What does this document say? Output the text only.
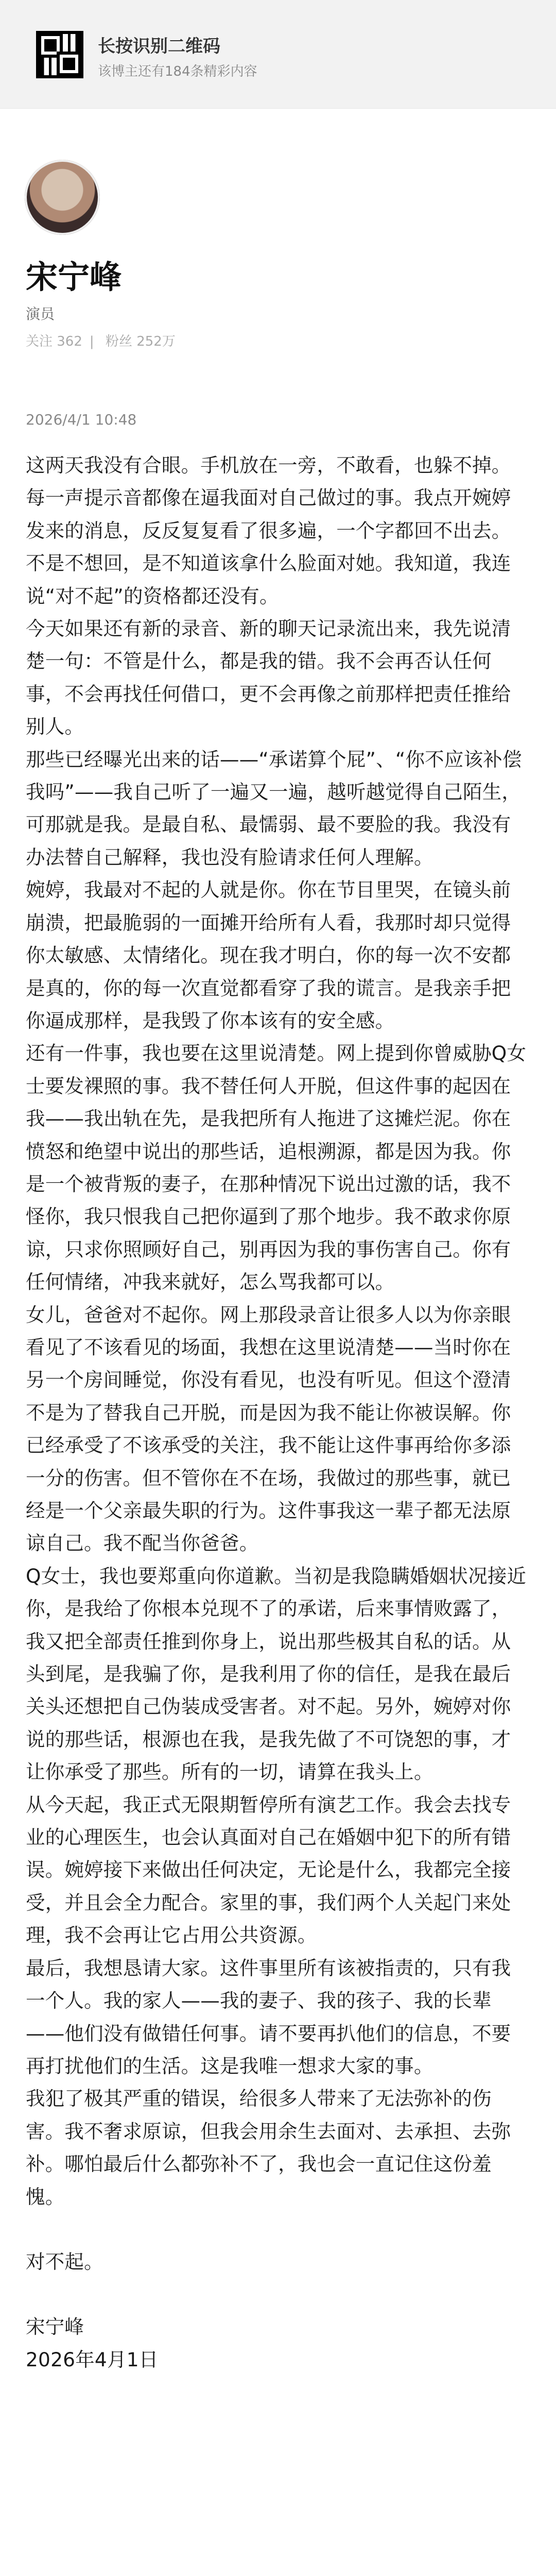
长按识别二维码
该博主还有184条精彩内容
宋宁峰
演员
关注 362 | 粉丝 252万
2026/4/1 10:48

这两天我没有合眼。手机放在一旁，不敢看，也躲不掉。每一声提示音都像在逼我面对自己做过的事。我点开婉婷发来的消息，反反复复看了很多遍，一个字都回不出去。不是不想回，是不知道该拿什么脸面对她。我知道，我连说“对不起”的资格都还没有。

今天如果还有新的录音、新的聊天记录流出来，我先说清楚一句：不管是什么，都是我的错。我不会再否认任何事，不会再找任何借口，更不会再像之前那样把责任推给别人。

那些已经曝光出来的话——“承诺算个屁”、“你不应该补偿我吗”——我自己听了一遍又一遍，越听越觉得自己陌生，可那就是我。是最自私、最懦弱、最不要脸的我。我没有办法替自己解释，我也没有脸请求任何人理解。

婉婷，我最对不起的人就是你。你在节目里哭，在镜头前崩溃，把最脆弱的一面摊开给所有人看，我那时却只觉得你太敏感、太情绪化。现在我才明白，你的每一次不安都是真的，你的每一次直觉都看穿了我的谎言。是我亲手把你逼成那样，是我毁了你本该有的安全感。

还有一件事，我也要在这里说清楚。网上提到你曾威胁Q女士要发裸照的事。我不替任何人开脱，但这件事的起因在我——我出轨在先，是我把所有人拖进了这摊烂泥。你在愤怒和绝望中说出的那些话，追根溯源，都是因为我。你是一个被背叛的妻子，在那种情况下说出过激的话，我不怪你，我只恨我自己把你逼到了那个地步。我不敢求你原谅，只求你照顾好自己，别再因为我的事伤害自己。你有任何情绪，冲我来就好，怎么骂我都可以。

女儿，爸爸对不起你。网上那段录音让很多人以为你亲眼看见了不该看见的场面，我想在这里说清楚——当时你在另一个房间睡觉，你没有看见，也没有听见。但这个澄清不是为了替我自己开脱，而是因为我不能让你被误解。你已经承受了不该承受的关注，我不能让这件事再给你多添一分的伤害。但不管你在不在场，我做过的那些事，就已经是一个父亲最失职的行为。这件事我这一辈子都无法原谅自己。我不配当你爸爸。

Q女士，我也要郑重向你道歉。当初是我隐瞒婚姻状况接近你，是我给了你根本兑现不了的承诺，后来事情败露了，我又把全部责任推到你身上，说出那些极其自私的话。从头到尾，是我骗了你，是我利用了你的信任，是我在最后关头还想把自己伪装成受害者。对不起。另外，婉婷对你说的那些话，根源也在我，是我先做了不可饶恕的事，才让你承受了那些。所有的一切，请算在我头上。

从今天起，我正式无限期暂停所有演艺工作。我会去找专业的心理医生，也会认真面对自己在婚姻中犯下的所有错误。婉婷接下来做出任何决定，无论是什么，我都完全接受，并且会全力配合。家里的事，我们两个人关起门来处理，我不会再让它占用公共资源。

最后，我想恳请大家。这件事里所有该被指责的，只有我一个人。我的家人——我的妻子、我的孩子、我的长辈——他们没有做错任何事。请不要再扒他们的信息，不要再打扰他们的生活。这是我唯一想求大家的事。

我犯了极其严重的错误，给很多人带来了无法弥补的伤害。我不奢求原谅，但我会用余生去面对、去承担、去弥补。哪怕最后什么都弥补不了，我也会一直记住这份羞愧。

对不起。

宋宁峰

2026年4月1日
